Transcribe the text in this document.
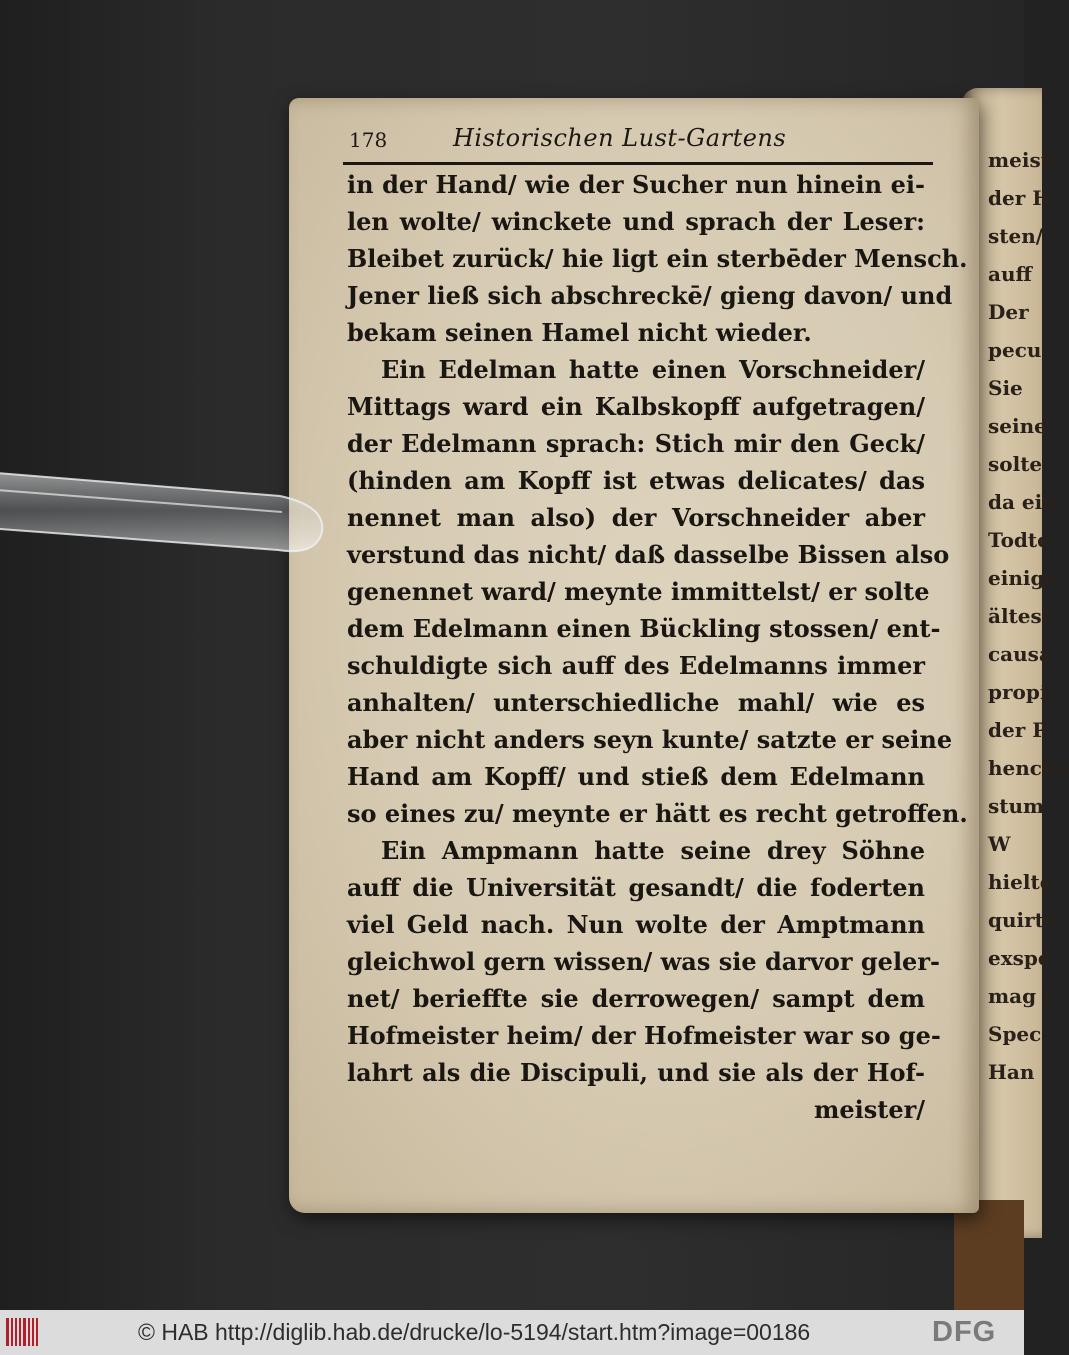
meiste
der H
sten/
auff
Der
pecu
Sie
seine
solte
da ein
Todte
einige
ältest
causa
propi
der P
hencke
stum
W
hielte
quirte
exspe
mag f
Spec
Han
178	Historischen Lust-Gartens
in der Hand/ wie der Sucher nun hinein ei-
len wolte/ winckete und sprach der Leser:
Bleibet zurück/ hie ligt ein sterbēder Mensch.
Jener ließ sich abschreckē/ gieng davon/ und
bekam seinen Hamel nicht wieder.
Ein Edelman hatte einen Vorschneider/
Mittags ward ein Kalbskopff aufgetragen/
der Edelmann sprach: Stich mir den Geck/
(hinden am Kopff ist etwas delicates/ das
nennet man also) der Vorschneider aber
verstund das nicht/ daß dasselbe Bissen also
genennet ward/ meynte immittelst/ er solte
dem Edelmann einen Bückling stossen/ ent-
schuldigte sich auff des Edelmanns immer
anhalten/ unterschiedliche mahl/ wie es
aber nicht anders seyn kunte/ satzte er seine
Hand am Kopff/ und stieß dem Edelmann
so eines zu/ meynte er hätt es recht getroffen.
Ein Ampmann hatte seine drey Söhne
auff die Universität gesandt/ die foderten
viel Geld nach. Nun wolte der Amptmann
gleichwol gern wissen/ was sie darvor geler-
net/ berieffte sie derrowegen/ sampt dem
Hofmeister heim/ der Hofmeister war so ge-
lahrt als die Discipuli, und sie als der Hof-
meister/
© HAB http://diglib.hab.de/drucke/lo-5194/start.htm?image=00186	DFG
